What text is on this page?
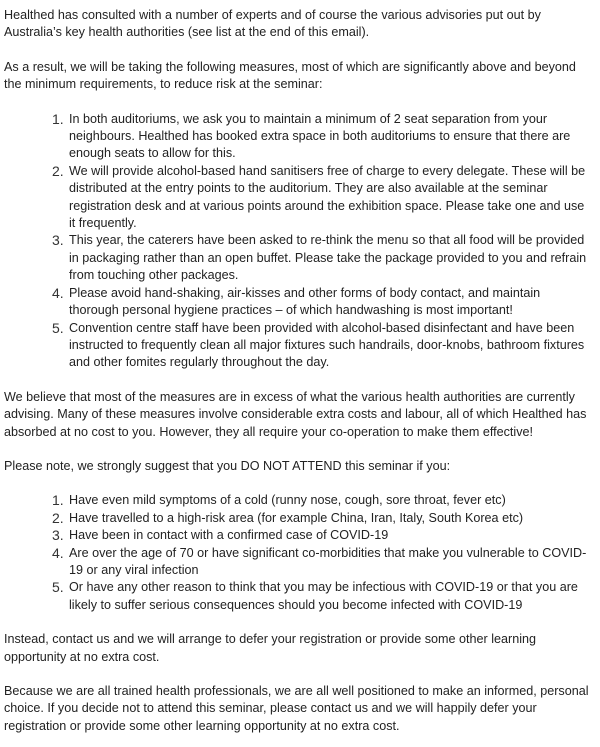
Healthed has consulted with a number of experts and of course the various advisories put out by Australia’s key health authorities (see list at the end of this email).

As a result, we will be taking the following measures, most of which are significantly above and beyond the minimum requirements, to reduce risk at the seminar:

1. In both auditoriums, we ask you to maintain a minimum of 2 seat separation from your neighbours. Healthed has booked extra space in both auditoriums to ensure that there are enough seats to allow for this.
2. We will provide alcohol-based hand sanitisers free of charge to every delegate. These will be distributed at the entry points to the auditorium. They are also available at the seminar registration desk and at various points around the exhibition space. Please take one and use it frequently.
3. This year, the caterers have been asked to re-think the menu so that all food will be provided in packaging rather than an open buffet. Please take the package provided to you and refrain from touching other packages.
4. Please avoid hand-shaking, air-kisses and other forms of body contact, and maintain thorough personal hygiene practices – of which handwashing is most important!
5. Convention centre staff have been provided with alcohol-based disinfectant and have been instructed to frequently clean all major fixtures such handrails, door-knobs, bathroom fixtures and other fomites regularly throughout the day.

We believe that most of the measures are in excess of what the various health authorities are currently advising. Many of these measures involve considerable extra costs and labour, all of which Healthed has absorbed at no cost to you. However, they all require your co-operation to make them effective!

Please note, we strongly suggest that you DO NOT ATTEND this seminar if you:

1. Have even mild symptoms of a cold (runny nose, cough, sore throat, fever etc)
2. Have travelled to a high-risk area (for example China, Iran, Italy, South Korea etc)
3. Have been in contact with a confirmed case of COVID-19
4. Are over the age of 70 or have significant co-morbidities that make you vulnerable to COVID-19 or any viral infection
5. Or have any other reason to think that you may be infectious with COVID-19 or that you are likely to suffer serious consequences should you become infected with COVID-19

Instead, contact us and we will arrange to defer your registration or provide some other learning opportunity at no extra cost.

Because we are all trained health professionals, we are all well positioned to make an informed, personal choice. If you decide not to attend this seminar, please contact us and we will happily defer your registration or provide some other learning opportunity at no extra cost.
